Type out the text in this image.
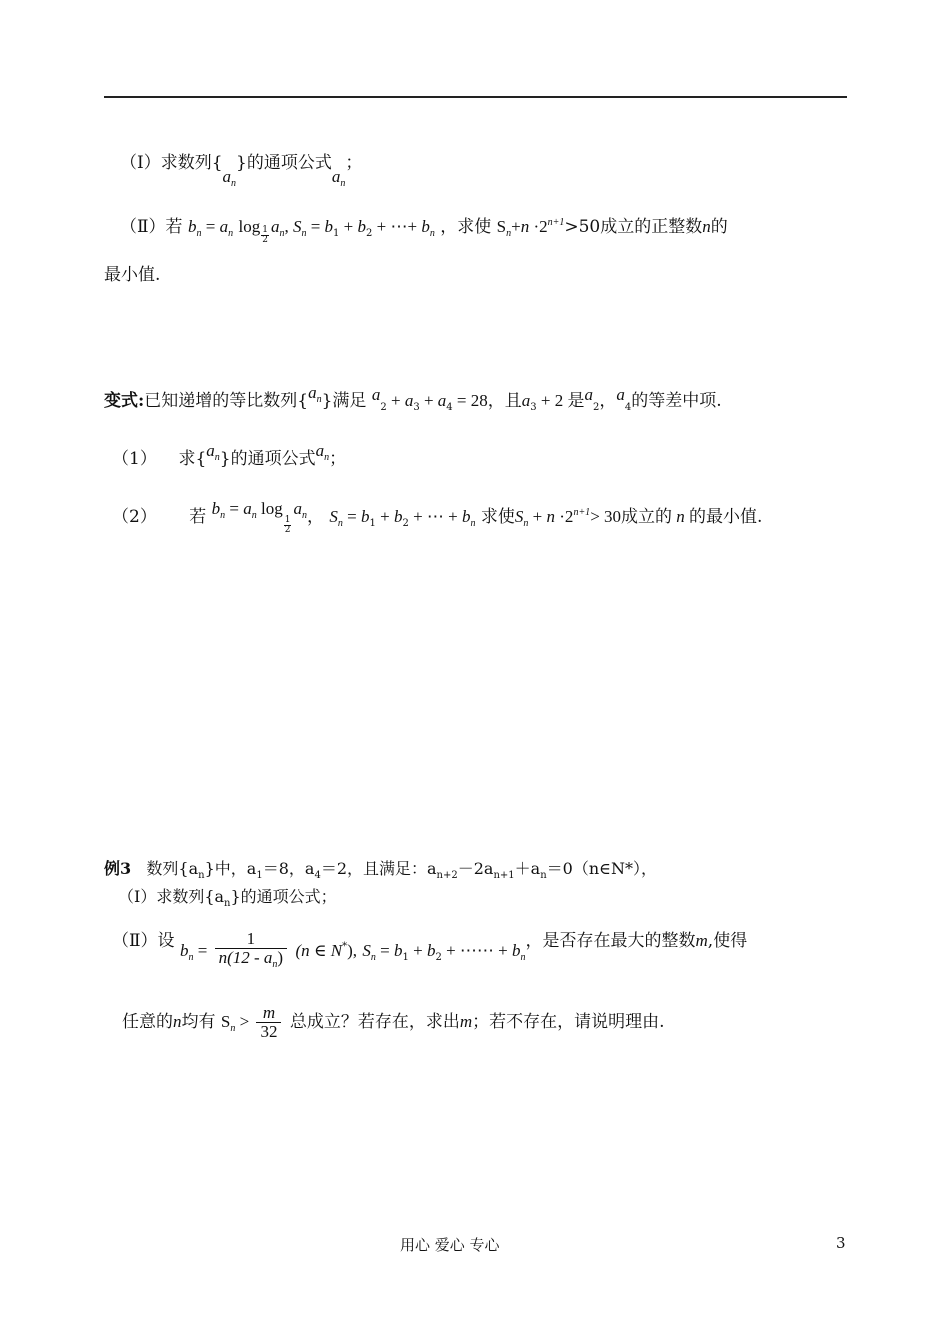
（Ⅰ）求数列$\{a_n\}$的通项公式$a_n$；
（Ⅱ）若 $b_n = a_n$ $\log \frac{1}{2} a_n$, $S_n = b_1 + b_2$ + ⋯+ $b_n$ ，求使 $S_n+n \cdot 2^{n+1}>50$成立的正整数n的
最小值.
变式:已知递增的等比数列$\{a_n\}$满足 $a_2 + a_3 + a_4 = 28$，且$a_3 + 2$ 是$a_2$，$a_4$的等差中项.
（1） 求$\{a_n\}$的通项公式$a_n$；
（2） 若 $b_n = a_n$ log
$\frac{1}{2}$
$a_n$， $S_n = b_1 + b_2$ + ⋯ + $b_n$ 求使$S_n + n \cdot 2^{n+1}> 30$成立的 n 的最小值.
例3 数列$\{a_n\}$中，$a_1=8$，$a_4=2$，且满足：$a_{n+2}-2a_{n+1}+a_n=0(n\in N*)$，
（Ⅰ）求数列$\{a_n\}$的通项公式；
（Ⅱ）设 $b_n = \frac{1}{n(12 - a_n)} (n$ ∈ N*), $S_n = b_1 + b_2$ + ⋯⋯ + $b_n$，是否存在最大的整数m,使得
任意的n均有 $S_n > \frac{m}{32}$ 总成立？若存在，求出m；若不存在，请说明理由.
用心 爱心 专心	3
